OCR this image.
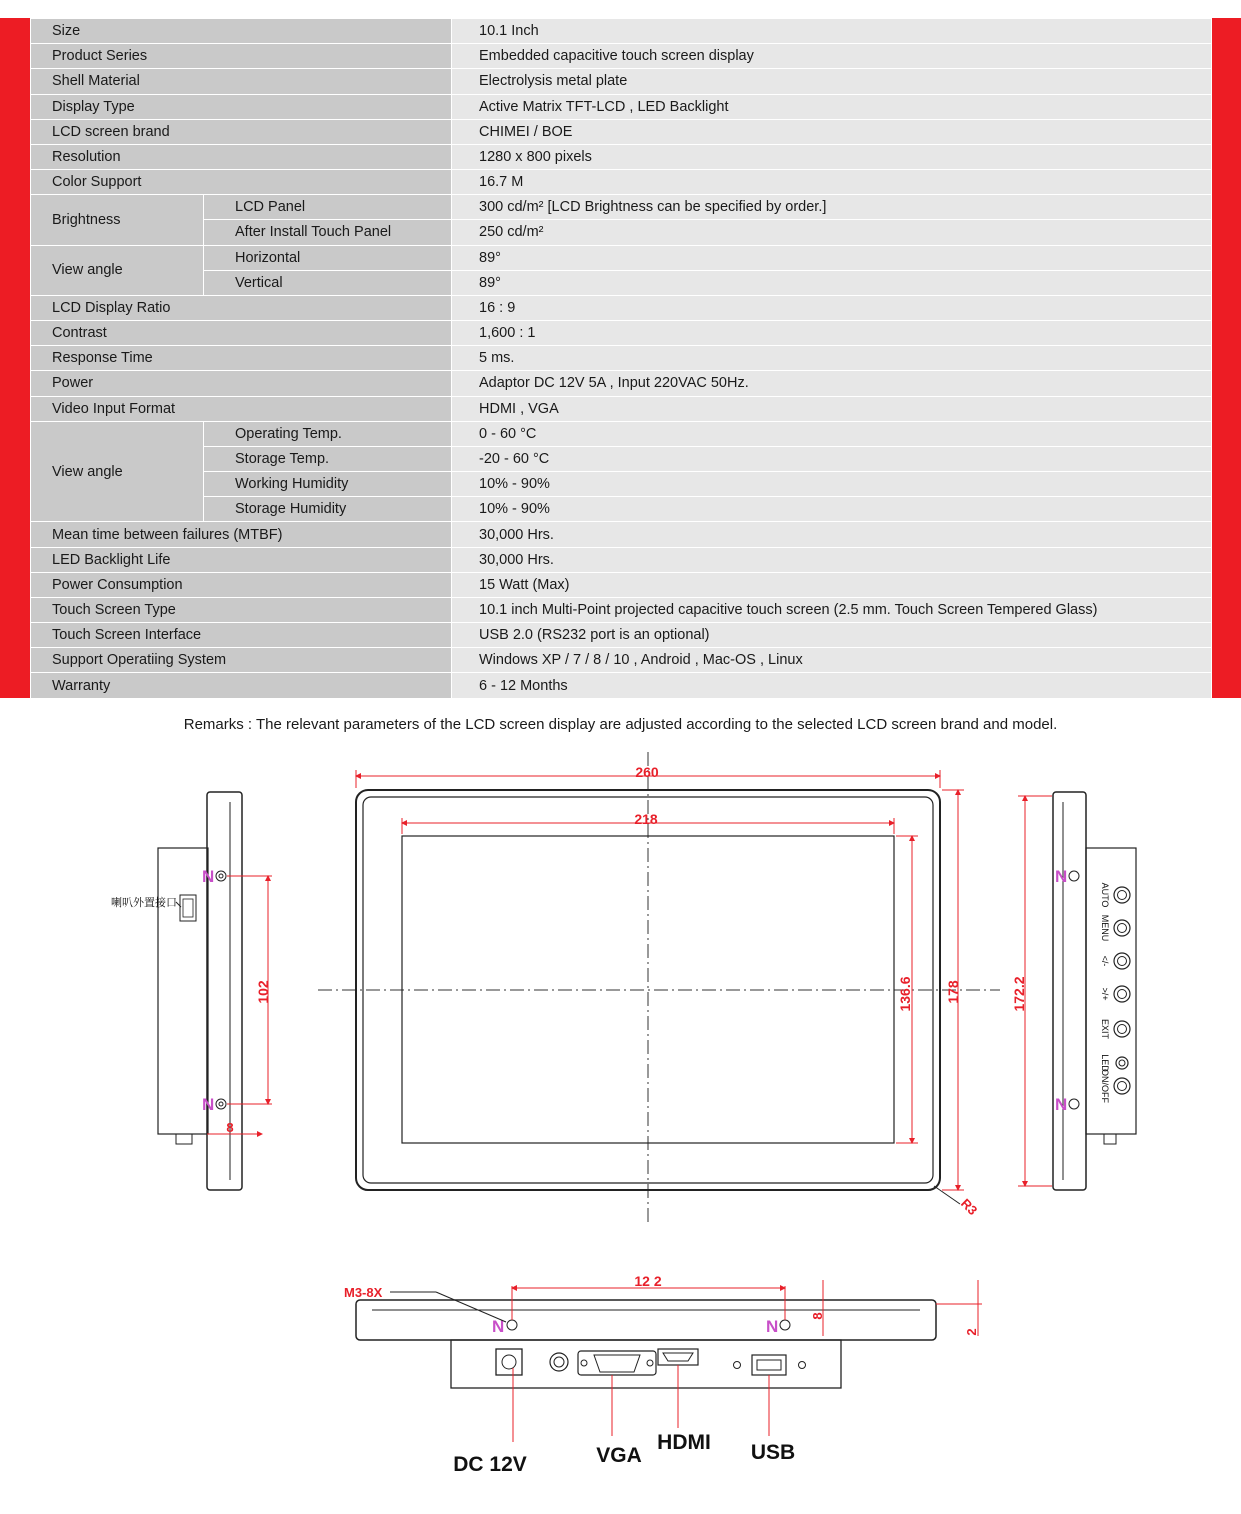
Size		10.1 Inch
Product Series		Embedded capacitive touch screen display
Shell Material		Electrolysis metal plate
Display Type		Active Matrix TFT-LCD , LED Backlight
LCD screen brand		CHIMEI / BOE
Resolution		1280 x 800 pixels
Color Support		16.7 M
Brightness	LCD Panel	300 cd/m² [LCD Brightness can be specified by order.]
	After Install Touch Panel	250 cd/m²
View angle	Horizontal	89°
	Vertical	89°
LCD Display Ratio		16 : 9
Contrast		1,600 : 1
Response Time		5 ms.
Power		Adaptor DC 12V 5A , Input 220VAC 50Hz.
Video Input Format		HDMI , VGA
View angle	Operating Temp.	0 - 60 °C
	Storage Temp.	-20 - 60 °C
	Working Humidity	10% - 90%
	Storage Humidity	10% - 90%
Mean time between failures (MTBF)		30,000 Hrs.
LED Backlight Life		30,000 Hrs.
Power Consumption		15 Watt (Max)
Touch Screen Type		10.1 inch Multi-Point projected capacitive touch screen (2.5 mm. Touch Screen Tempered Glass)
Touch Screen Interface		USB 2.0 (RS232 port is an optional)
Support Operatiing System		Windows XP / 7 / 8 / 10 , Android , Mac-OS , Linux
Warranty		6 - 12 Months
Remarks : The relevant parameters of the LCD screen display are adjusted according to the selected LCD screen brand and model.
260
218
136.6 178
R3
喇叭外置接口
N
N
102
8
N
N
AUTO
MENU
</-
>/+
EXIT
LED
ON/OFF
172.2
2
8
N	N
12 2
M3-8X
DC 12V	VGA
HDMI USB
